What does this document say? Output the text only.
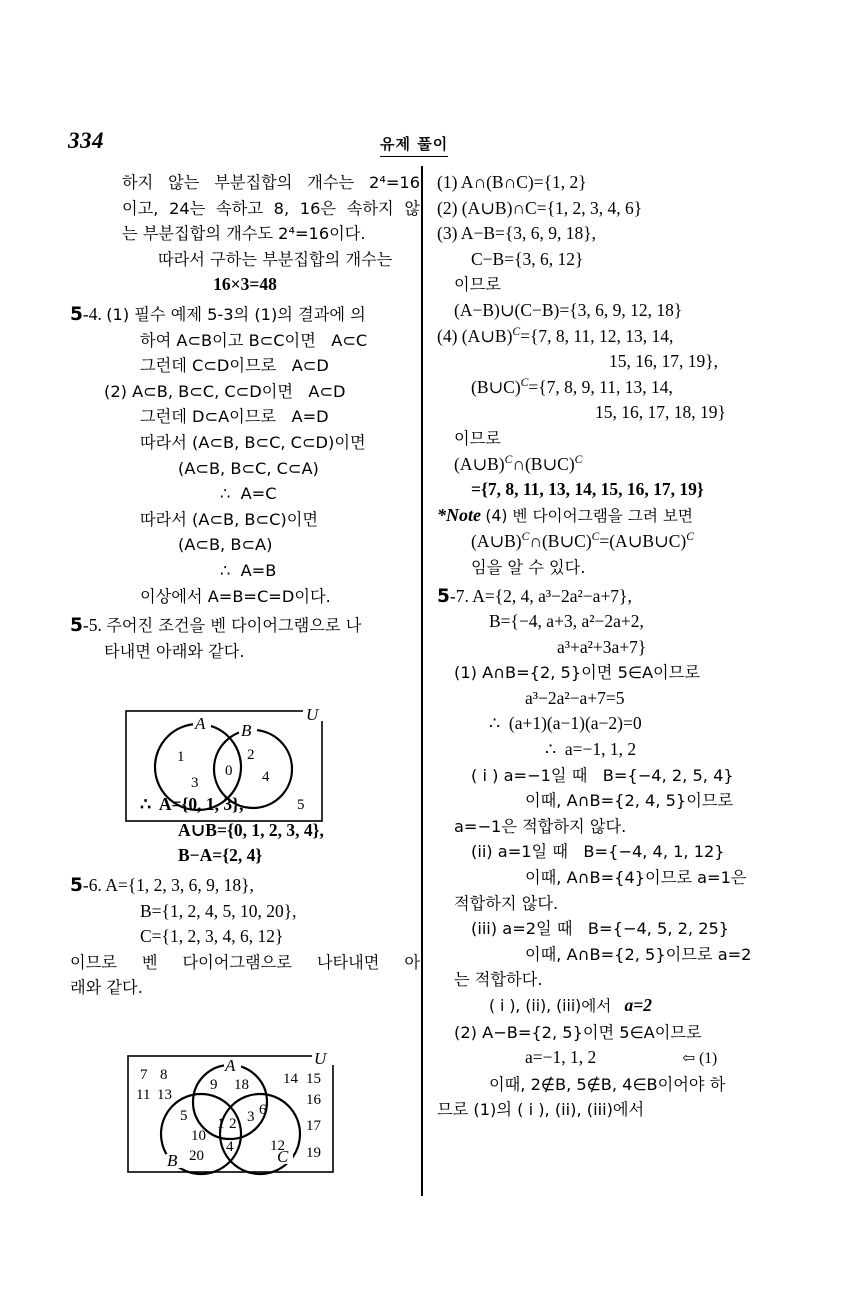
334	유제 풀이
하지  않는  부분집합의  개수는  2⁴=16
이고, 24는 속하고 8, 16은 속하지 않
는 부분집합의 개수도 2⁴=16이다.
따라서 구하는 부분집합의 개수는
16×3=48
5-4. (1) 필수 예제 5-3의 (1)의 결과에 의
하여 A⊂B이고 B⊂C이면   A⊂C
그런데 C⊂D이므로   A⊂D
(2) A⊂B, B⊂C, C⊂D이면   A⊂D
그런데 D⊂A이므로   A=D
따라서 (A⊂B, B⊂C, C⊂D)이면
(A⊂B, B⊂C, C⊂A)
∴  A=C
따라서 (A⊂B, B⊂C)이면
(A⊂B, B⊂A)
∴  A=B
이상에서 A=B=C=D이다.
5-5. 주어진 조건을 벤 다이어그램으로 나
타내면 아래와 같다.
∴  A={0, 1, 3},
A∪B={0, 1, 2, 3, 4},
B−A={2, 4}
5-6. A={1, 2, 3, 6, 9, 18},
B={1, 2, 4, 5, 10, 20},
C={1, 2, 3, 4, 6, 12}
이므로 벤 다이어그램으로 나타내면 아
래와 같다.
U
A B
1
3
0
2
4
5
U
A
B	C
9 18
5
10
20
12
3 6
4
1 2
7 8
11 13
14 15
16
17
19
(1) A∩(B∩C)={1, 2}
(2) (A∪B)∩C={1, 2, 3, 4, 6}
(3) A−B={3, 6, 9, 18},
C−B={3, 6, 12}
이므로
(A−B)∪(C−B)={3, 6, 9, 12, 18}
(4) (A∪B)$^C$={7, 8, 11, 12, 13, 14,
15, 16, 17, 19},
(B∪C)$^C$={7, 8, 9, 11, 13, 14,
15, 16, 17, 18, 19}
이므로
(A∪B)$^C$∩(B∪C)$^C$
={7, 8, 11, 13, 14, 15, 16, 17, 19}
*Note (4) 벤 다이어그램을 그려 보면
(A∪B)$^C$∩(B∪C)$^C$=(A∪B∪C)$^C$
임을 알 수 있다.
5-7. A={2, 4, a³−2a²−a+7},
B={−4, a+3, a²−2a+2,
a³+a²+3a+7}
(1) A∩B={2, 5}이면 5∈A이므로
a³−2a²−a+7=5
∴  (a+1)(a−1)(a−2)=0
∴  a=−1, 1, 2
( i ) a=−1일 때   B={−4, 2, 5, 4}
이때, A∩B={2, 4, 5}이므로
a=−1은 적합하지 않다.
(ii) a=1일 때   B={−4, 4, 1, 12}
이때, A∩B={4}이므로 a=1은
적합하지 않다.
(iii) a=2일 때   B={−4, 5, 2, 25}
이때, A∩B={2, 5}이므로 a=2
는 적합하다.
( i ), (ii), (iii)에서 a=2
(2) A−B={2, 5}이면 5∈A이므로
a=−1, 1, 2	⇦ (1)
이때, 2∉B, 5∉B, 4∈B이어야 하
므로 (1)의 ( i ), (ii), (iii)에서
